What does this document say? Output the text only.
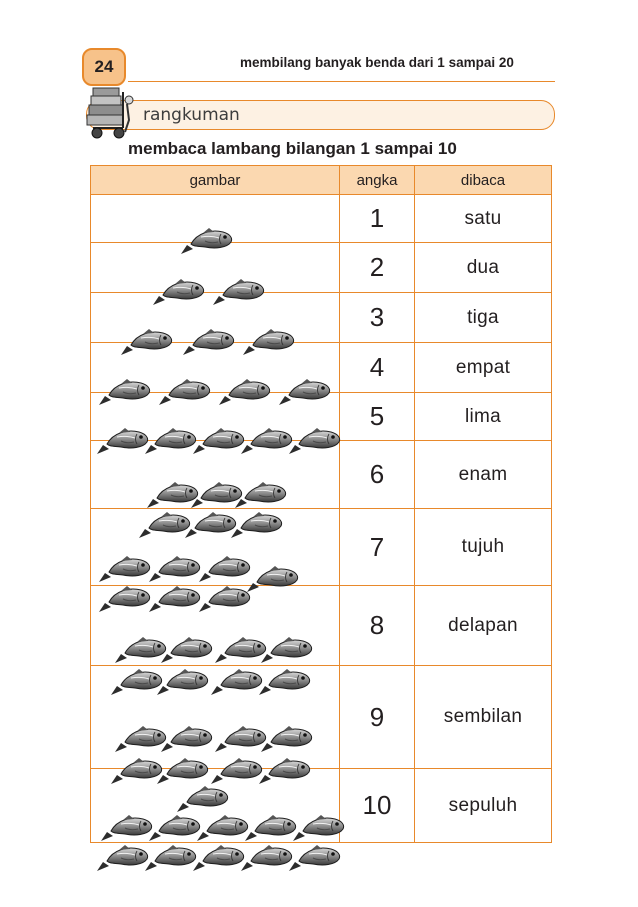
24	membilang banyak benda dari 1 sampai 20
rangkuman
membaca lambang bilangan 1 sampai 10
gambar	angka	dibaca

	1	satu

	2	dua

	3	tiga

	4	empat

	5	lima

	6	enam

	7	tujuh

	8	delapan

	9	sembilan

	10	sepuluh
